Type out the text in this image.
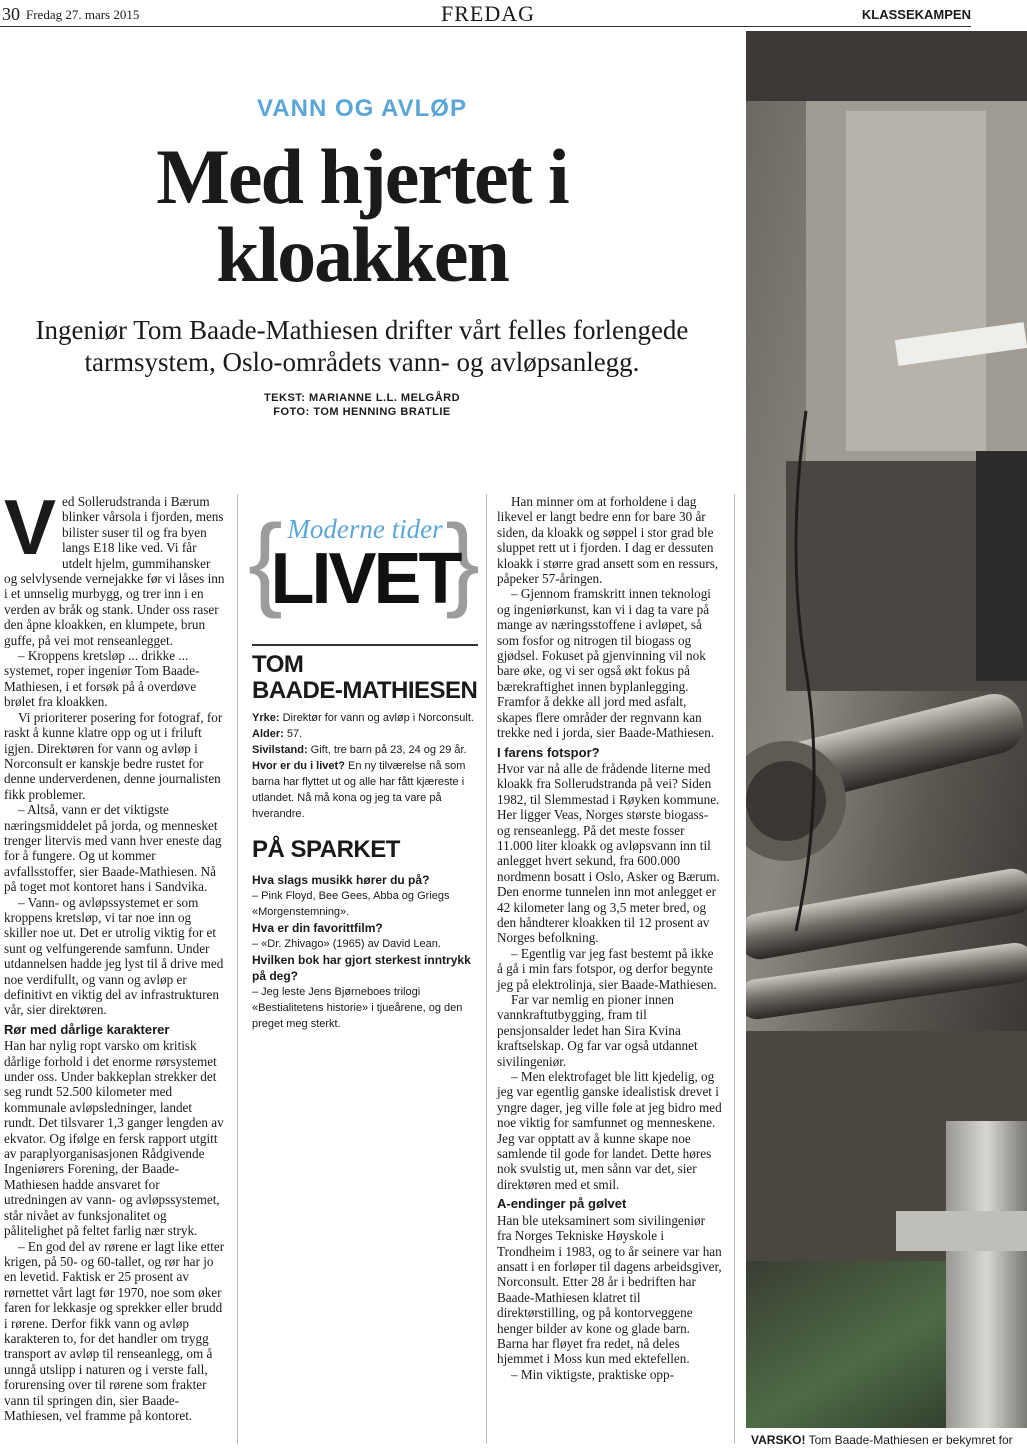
30 Fredag 27. mars 2015	FREDAG	KLASSEKAMPEN
VANN OG AVLØP
Med hjertet i
kloakken
Ingeniør Tom Baade-Mathiesen drifter vårt felles forlengede
tarmsystem, Oslo-områdets vann- og avløpsanlegg.
TEKST: MARIANNE L.L. MELGÅRD
FOTO: TOM HENNING BRATLIE
V ed Sollerudstranda i Bærum blinker vårsola i fjorden, mens bilister suser til og fra byen langs E18 like ved. Vi får utdelt hjelm, gummihansker og selvlysende vernejakke før vi låses inn i et unnselig murbygg, og trer inn i en verden av bråk og stank. Under oss raser den åpne kloakken, en klumpete, brun guffe, på vei mot renseanlegget.

– Kroppens kretsløp ... drikke ... systemet, roper ingeniør Tom Baade-Mathiesen, i et forsøk på å overdøve brølet fra kloakken.

Vi prioriterer posering for fotograf, for raskt å kunne klatre opp og ut i friluft igjen. Direktøren for vann og avløp i Norconsult er kanskje bedre rustet for denne underverdenen, denne journalisten fikk problemer.

– Altså, vann er det viktigste næringsmiddelet på jorda, og mennesket trenger litervis med vann hver eneste dag for å fungere. Og ut kommer avfallsstoffer, sier Baade-Mathiesen. Nå på toget mot kontoret hans i Sandvika.

– Vann- og avløpssystemet er som kroppens kretsløp, vi tar noe inn og skiller noe ut. Det er utrolig viktig for et sunt og velfungerende samfunn. Under utdannelsen hadde jeg lyst til å drive med noe verdifullt, og vann og avløp er definitivt en viktig del av infrastrukturen vår, sier direktøren.

Rør med dårlige karakterer

Han har nylig ropt varsko om kritisk dårlige forhold i det enorme rørsystemet under oss. Under bakkeplan strekker det seg rundt 52.500 kilometer med kommunale avløpsledninger, landet rundt. Det tilsvarer 1,3 ganger lengden av ekvator. Og ifølge en fersk rapport utgitt av paraplyorganisasjonen Rådgivende Ingeniørers Forening, der Baade-Mathiesen hadde ansvaret for utredningen av vann- og avløpssystemet, står nivået av funksjonalitet og pålitelighet på feltet farlig nær stryk.

– En god del av rørene er lagt like etter krigen, på 50- og 60-tallet, og rør har jo en levetid. Faktisk er 25 prosent av rørnettet vårt lagt før 1970, noe som øker faren for lekkasje og sprekker eller brudd i rørene. Derfor fikk vann og avløp karakteren to, for det handler om trygg transport av avløp til renseanlegg, om å unngå utslipp i naturen og i verste fall, forurensing over til rørene som frakter vann til springen din, sier Baade-Mathiesen, vel framme på kontoret.

{ }
Moderne tider
LIVET
TOM
BAADE-MATHIESEN

Yrke: Direktør for vann og avløp i Norconsult.

Alder: 57.

Sivilstand: Gift, tre barn på 23, 24 og 29 år.

Hvor er du i livet? En ny tilværelse nå som barna har flyttet ut og alle har fått kjæreste i utlandet. Nå må kona og jeg ta vare på hverandre.

PÅ SPARKET

Hva slags musikk hører du på?

– Pink Floyd, Bee Gees, Abba og Griegs «Morgenstemning».

Hva er din favorittfilm?

– «Dr. Zhivago» (1965) av David Lean.

Hvilken bok har gjort sterkest inntrykk på deg?

– Jeg leste Jens Bjørneboes trilogi «Bestialitetens historie» i tjueårene, og den preget meg sterkt.

Han minner om at forholdene i dag likevel er langt bedre enn for bare 30 år siden, da kloakk og søppel i stor grad ble sluppet rett ut i fjorden. I dag er dessuten kloakk i større grad ansett som en ressurs, påpeker 57-åringen.

– Gjennom framskritt innen teknologi og ingeniørkunst, kan vi i dag ta vare på mange av næringsstoffene i avløpet, så som fosfor og nitrogen til biogass og gjødsel. Fokuset på gjenvinning vil nok bare øke, og vi ser også økt fokus på bærekraftighet innen byplanlegging. Framfor å dekke all jord med asfalt, skapes flere områder der regnvann kan trekke ned i jorda, sier Baade-Mathiesen.

I farens fotspor?

Hvor var nå alle de frådende literne med kloakk fra Sollerudstranda på vei? Siden 1982, til Slemmestad i Røyken kommune. Her ligger Veas, Norges største biogass- og renseanlegg. På det meste fosser 11.000 liter kloakk og avløpsvann inn til anlegget hvert sekund, fra 600.000 nordmenn bosatt i Oslo, Asker og Bærum. Den enorme tunnelen inn mot anlegget er 42 kilometer lang og 3,5 meter bred, og den håndterer kloakken til 12 prosent av Norges befolkning.

– Egentlig var jeg fast bestemt på ikke å gå i min fars fotspor, og derfor begynte jeg på elektrolinja, sier Baade-Mathiesen.

Far var nemlig en pioner innen vannkraftutbygging, fram til pensjonsalder ledet han Sira Kvina kraftselskap. Og far var også utdannet sivilingeniør.

– Men elektrofaget ble litt kjedelig, og jeg var egentlig ganske idealistisk drevet i yngre dager, jeg ville føle at jeg bidro med noe viktig for samfunnet og menneskene. Jeg var opptatt av å kunne skape noe samlende til gode for landet. Dette høres nok svulstig ut, men sånn var det, sier direktøren med et smil.

A-endinger på gølvet

Han ble uteksaminert som sivilingeniør fra Norges Tekniske Høyskole i Trondheim i 1983, og to år seinere var han ansatt i en forløper til dagens arbeidsgiver, Norconsult. Etter 28 år i bedriften har Baade-Mathiesen klatret til direktørstilling, og på kontorveggene henger bilder av kone og glade barn. Barna har fløyet fra redet, nå deles hjemmet i Moss kun med ektefellen.

– Min viktigste, praktiske opp-

VARSKO! Tom Baade-Mathiesen er bekymret for
